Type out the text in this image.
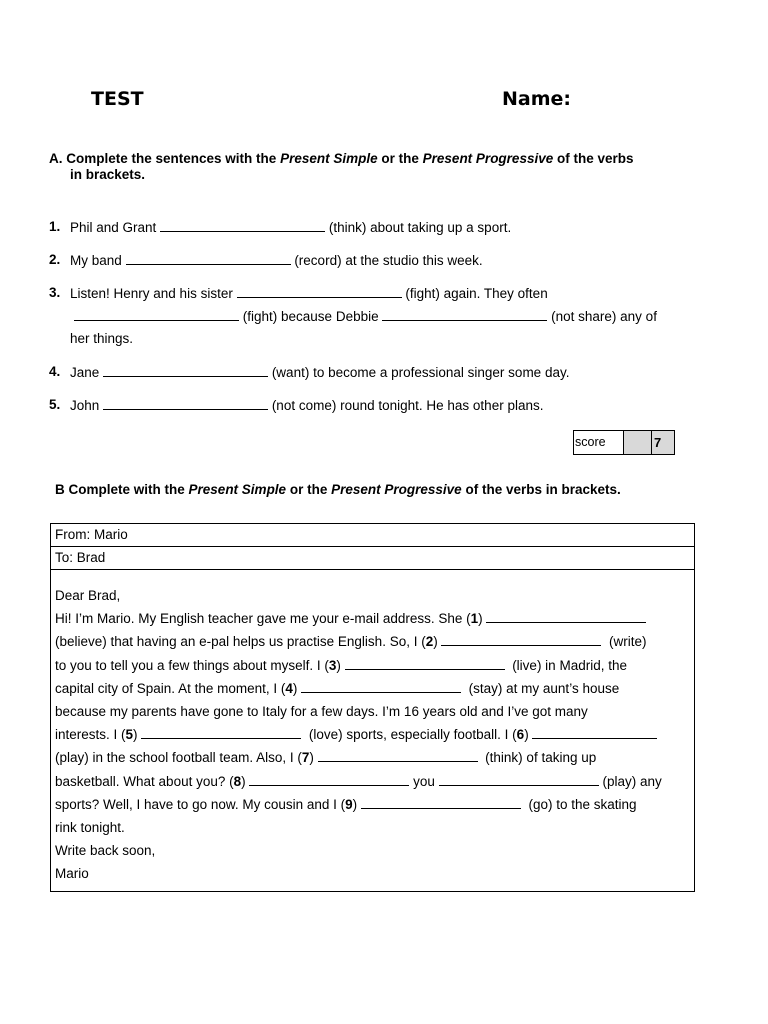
TEST	Name:
A. Complete the sentences with the Present Simple or the Present Progressive of the verbs
in brackets.
1. Phil and Grant	(think) about taking up a sport.
2. My band	(record) at the studio this week.
3. Listen! Henry and his sister	(fight) again. They often
(fight) because Debbie	(not share) any of
her things.
4. Jane	(want) to become a professional singer some day.
5. John	(not come) round tonight. He has other plans.
score	7
B Complete with the Present Simple or the Present Progressive of the verbs in brackets.
From: Mario
To: Brad
Dear Brad,
Hi! I’m Mario. My English teacher gave me your e-mail address. She (1)
(believe) that having an e-pal helps us practise English. So, I (2)	(write)
to you to tell you a few things about myself. I (3)	(live) in Madrid, the
capital city of Spain. At the moment, I (4)	(stay) at my aunt’s house
because my parents have gone to Italy for a few days. I’m 16 years old and I’ve got many
interests. I (5)	(love) sports, especially football. I (6)
(play) in the school football team. Also, I (7)	(think) of taking up
basketball. What about you? (8)	you	(play) any
sports? Well, I have to go now. My cousin and I (9)	(go) to the skating
rink tonight.
Write back soon,
Mario
